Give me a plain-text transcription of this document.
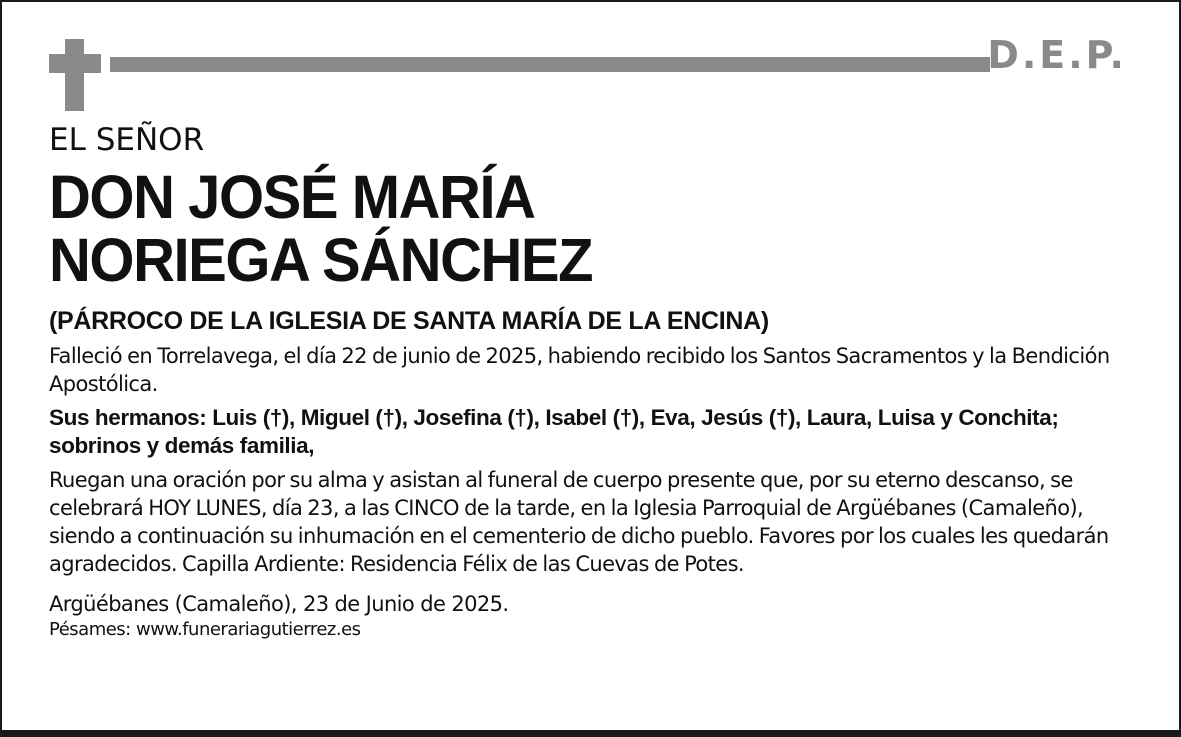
D.E.P.

EL SEÑOR

DON JOSÉ MARÍA
NORIEGA SÁNCHEZ

(PÁRROCO DE LA IGLESIA DE SANTA MARÍA DE LA ENCINA)

Falleció en Torrelavega, el día 22 de junio de 2025, habiendo recibido los Santos Sacramentos y la Bendición Apostólica.

Sus hermanos: Luis (†), Miguel (†), Josefina (†), Isabel (†), Eva, Jesús (†), Laura, Luisa y Conchita; sobrinos y demás familia,

Ruegan una oración por su alma y asistan al funeral de cuerpo presente que, por su eterno descanso, se celebrará HOY LUNES, día 23, a las CINCO de la tarde, en la Iglesia Parroquial de Argüébanes (Camaleño), siendo a continuación su inhumación en el cementerio de dicho pueblo. Favores por los cuales les quedarán agradecidos. Capilla Ardiente: Residencia Félix de las Cuevas de Potes.

Argüébanes (Camaleño), 23 de Junio de 2025.

Pésames: www.funerariagutierrez.es
